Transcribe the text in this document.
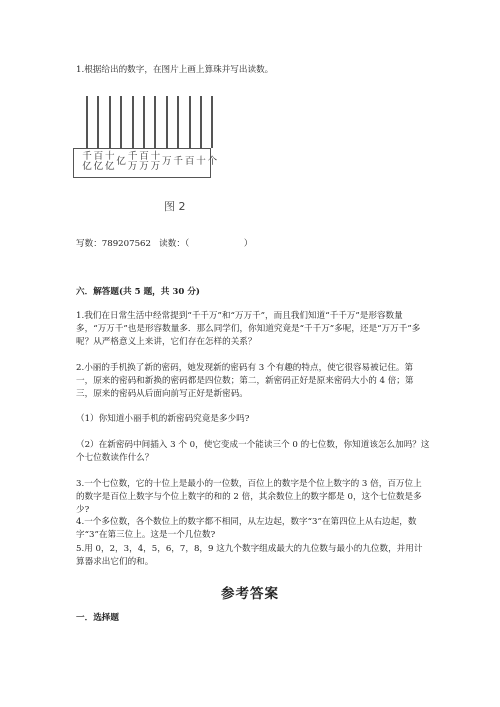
1.根据给出的数字，在图片上画上算珠并写出读数。
千
亿
百
亿
十
亿 亿 千
万
百
万
十
万 万 千 百 十 个
图 2
写数：789207562   读数：（                    ）
六．解答题(共 5 题，共 30 分)
1.我们在日常生活中经常提到“千千万”和“万万千”，而且我们知道“千千万”是形容数量多，“万万千”也是形容数量多．那么同学们，你知道究竟是“千千万”多呢，还是“万万千”多呢？从严格意义上来讲，它们存在怎样的关系？
2.小丽的手机换了新的密码，她发现新的密码有 3 个有趣的特点，使它很容易被记住。第一，原来的密码和新换的密码都是四位数；第二，新密码正好是原来密码大小的 4 倍；第三，原来的密码从后面向前写正好是新密码。
（1）你知道小丽手机的新密码究竟是多少吗?
（2）在新密码中间插入 3 个 0，使它变成一个能读三个 0 的七位数，你知道该怎么加吗？这个七位数读作什么？
3.一个七位数，它的十位上是最小的一位数，百位上的数字是个位上数字的 3 倍，百万位上的数字是百位上数字与个位上数字的和的 2 倍，其余数位上的数字都是 0，这个七位数是多少?
4.一个多位数，各个数位上的数字都不相同，从左边起，数字“3”在第四位上从右边起，数字“3”在第三位上。这是一个几位数?
5.用 0，2，3，4，5，6，7，8，9 这九个数字组成最大的九位数与最小的九位数，并用计算器求出它们的和。
参考答案
一．选择题
